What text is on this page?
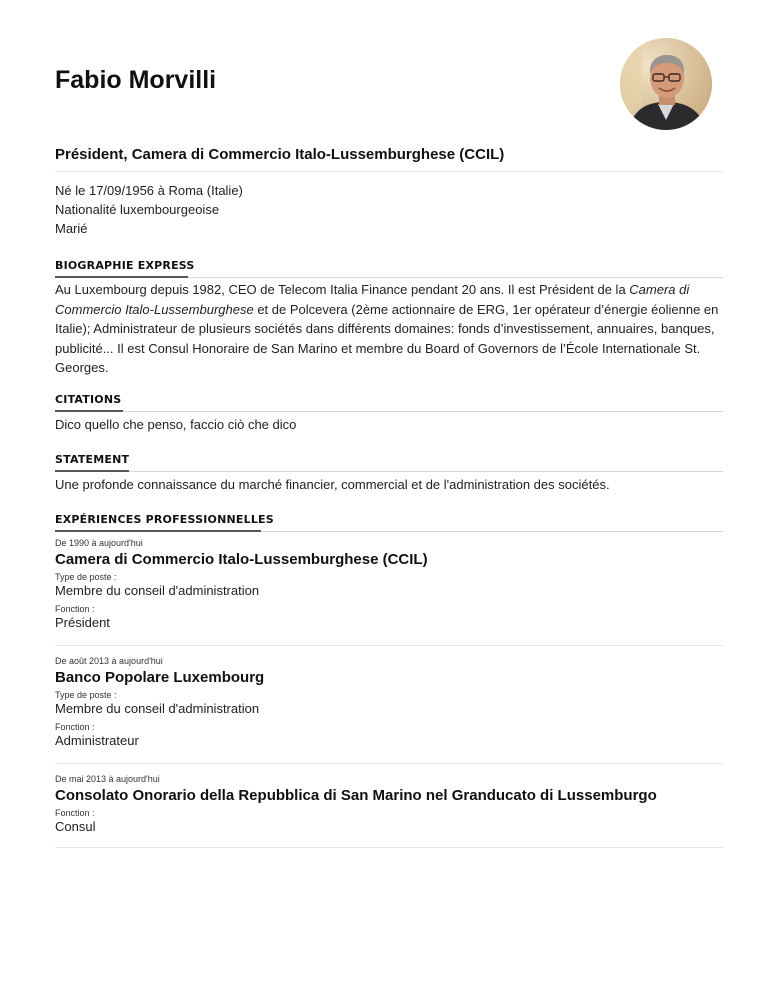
Fabio Morvilli
Président, Camera di Commercio Italo-Lussemburghese (CCIL)
Né le 17/09/1956 à Roma (Italie)
Nationalité luxembourgeoise
Marié
BIOGRAPHIE EXPRESS
Au Luxembourg depuis 1982, CEO de Telecom Italia Finance pendant 20 ans. Il est Président de la Camera di Commercio Italo-Lussemburghese et de Polcevera (2ème actionnaire de ERG, 1er opérateur d’énergie éolienne en Italie); Administrateur de plusieurs sociétés dans différents domaines: fonds d’investissement, annuaires, banques, publicité... Il est Consul Honoraire de San Marino et membre du Board of Governors de l’École Internationale St. Georges.
CITATIONS
Dico quello che penso, faccio ciò che dico
STATEMENT
Une profonde connaissance du marché financier, commercial et de l'administration des sociétés.
EXPÉRIENCES PROFESSIONNELLES
De 1990 à aujourd'hui
Camera di Commercio Italo-Lussemburghese (CCIL)
Type de poste :
Membre du conseil d'administration
Fonction :
Président
De août 2013 à aujourd'hui
Banco Popolare Luxembourg
Type de poste :
Membre du conseil d'administration
Fonction :
Administrateur
De mai 2013 à aujourd'hui
Consolato Onorario della Repubblica di San Marino nel Granducato di Lussemburgo
Fonction :
Consul
